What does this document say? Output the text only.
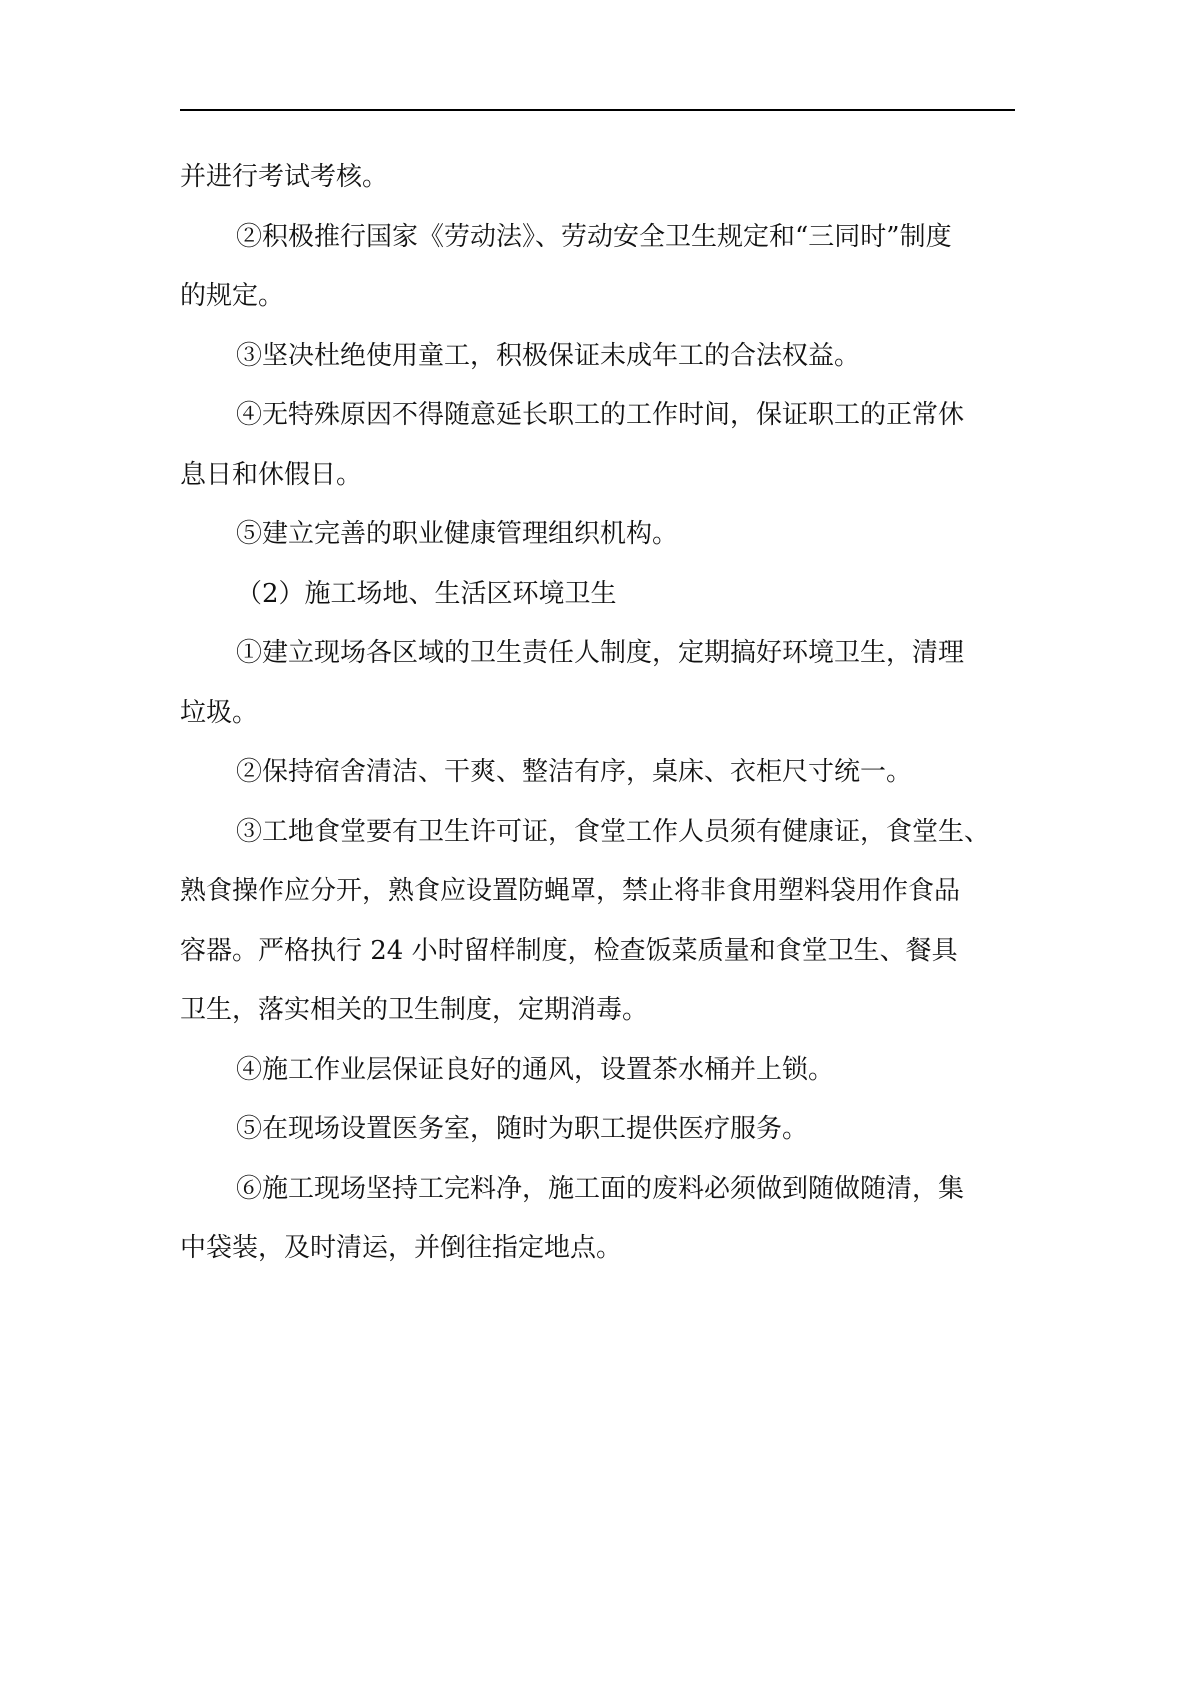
并进行考试考核。
②积极推行国家《劳动法》、劳动安全卫生规定和“三同时”制度
的规定。
③坚决杜绝使用童工，积极保证未成年工的合法权益。
④无特殊原因不得随意延长职工的工作时间，保证职工的正常休
息日和休假日。
⑤建立完善的职业健康管理组织机构。
（2）施工场地、生活区环境卫生
①建立现场各区域的卫生责任人制度，定期搞好环境卫生，清理
垃圾。
②保持宿舍清洁、干爽、整洁有序，桌床、衣柜尺寸统一。
③工地食堂要有卫生许可证，食堂工作人员须有健康证，食堂生、
熟食操作应分开，熟食应设置防蝇罩，禁止将非食用塑料袋用作食品
容器。严格执行 24 小时留样制度，检查饭菜质量和食堂卫生、餐具
卫生，落实相关的卫生制度，定期消毒。
④施工作业层保证良好的通风，设置茶水桶并上锁。
⑤在现场设置医务室，随时为职工提供医疗服务。
⑥施工现场坚持工完料净，施工面的废料必须做到随做随清，集
中袋装，及时清运，并倒往指定地点。
